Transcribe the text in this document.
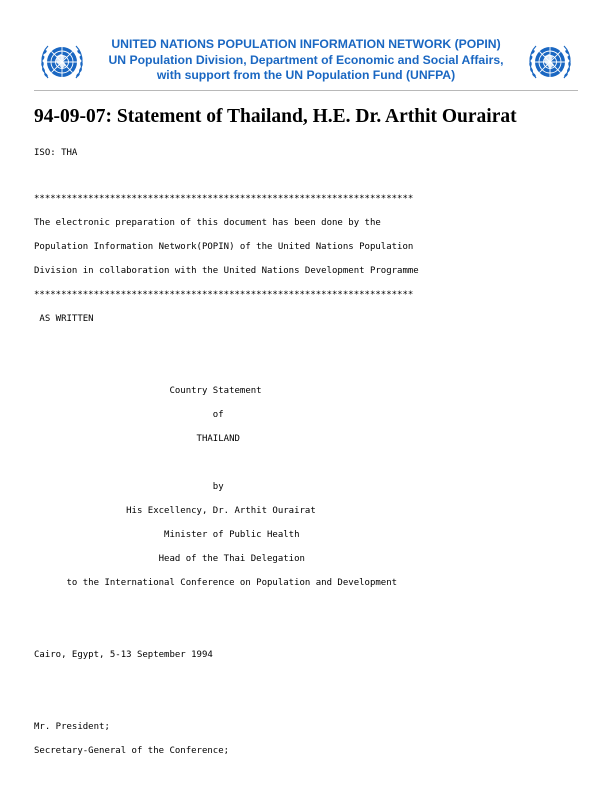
UNITED NATIONS POPULATION INFORMATION NETWORK (POPIN)
UN Population Division, Department of Economic and Social Affairs,
with support from the UN Population Fund (UNFPA)
94-09-07: Statement of Thailand, H.E. Dr. Arthit Ourairat
ISO: THA
**********************************************************************
The electronic preparation of this document has been done by the
Population Information Network(POPIN) of the United Nations Population
Division in collaboration with the United Nations Development Programme
**********************************************************************
AS WRITTEN
Country Statement
of
THAILAND
by
His Excellency, Dr. Arthit Ourairat
Minister of Public Health
Head of the Thai Delegation
to the International Conference on Population and Development
Cairo, Egypt, 5-13 September 1994
Mr. President;
Secretary-General of the Conference;
